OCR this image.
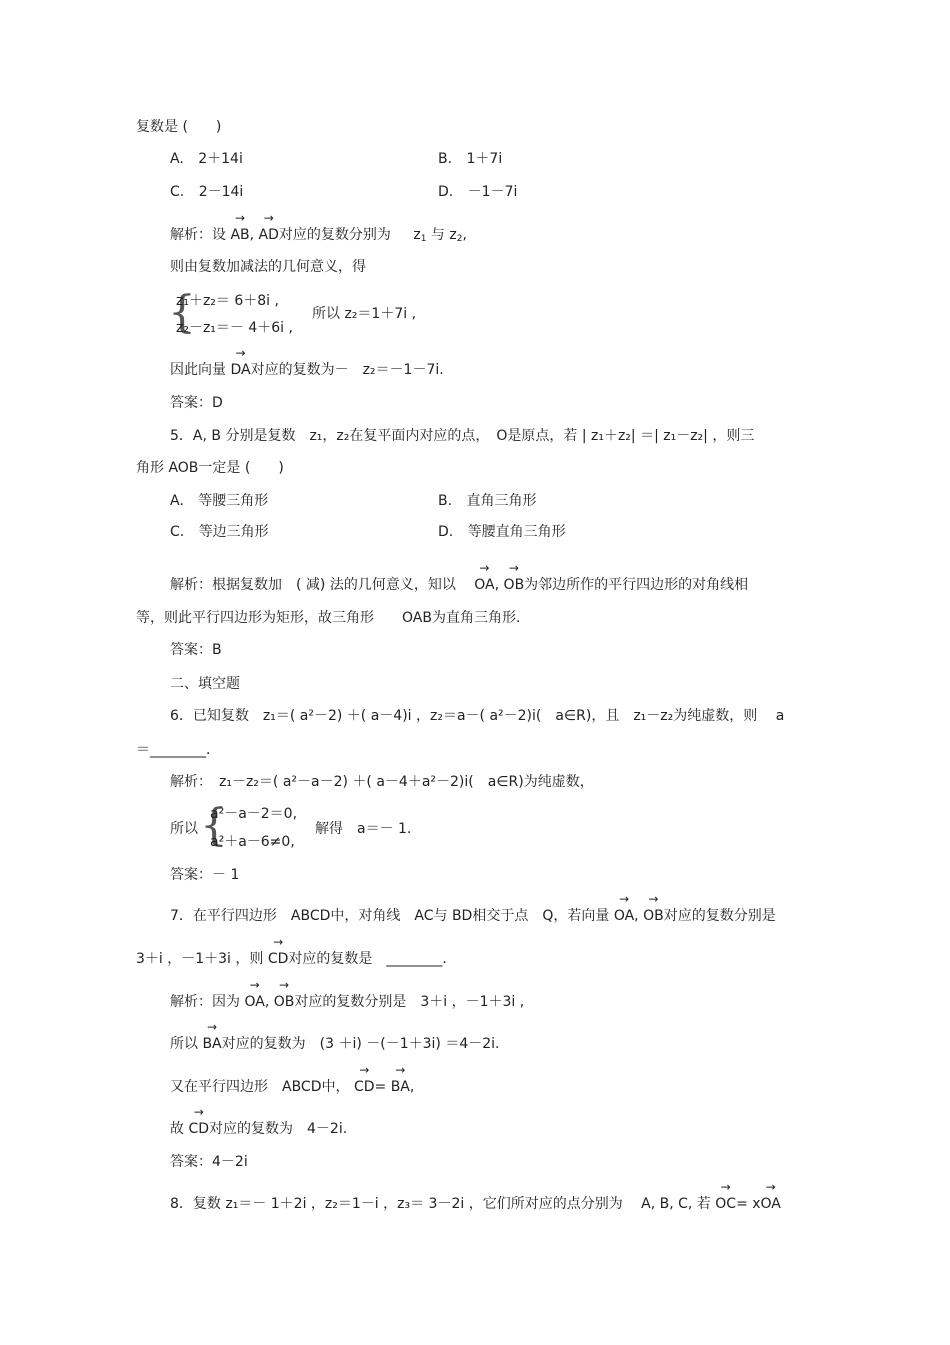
复数是 (　　)
A. 2＋14i	B. 1＋7i
C. 2－14i	D. －1－7i
解析：设 → AB, → AD对应的复数分别为 $z_1$ 与 $z_2$,
则由复数加减法的几何意义，得
{
z₁＋z₂＝ 6＋8i ,
z₂－z₁＝－ 4＋6i ,
所以 z₂＝1＋7i ,
因此向量 → DA对应的复数为－　z₂＝－1－7i.
答案：D
5．A, B 分别是复数　z₁，z₂在复平面内对应的点，　O是原点，若 | z₁＋z₂| ＝| z₁－z₂| ，则三
角形 AOB一定是 (　　)
A. 等腰三角形	B. 直角三角形
C. 等边三角形	D. 等腰直角三角形
解析：根据复数加　( 减) 法的几何意义，知以 → OA, → OB为邻边所作的平行四边形的对角线相
等，则此平行四边形为矩形，故三角形　　OAB为直角三角形.
答案：B
二、填空题
6．已知复数　z₁＝( a²－2) ＋( a－4)i ，z₂＝a－( a²－2)i(　a∈R)，且　z₁－z₂为纯虚数，则　 a
＝________．
解析：　z₁－z₂＝( a²－a－2) ＋( a－4＋a²－2)i(　a∈R)为纯虚数，
所以 {
a²－a－2＝0,
a²＋a－6≠0,
解得　a＝－ 1.
答案：－ 1
7．在平行四边形　ABCD中，对角线　AC与 BD相交于点　Q，若向量 → OA, → OB对应的复数分别是
3＋i ，－1＋3i ，则 → CD对应的复数是　________．
解析：因为 → OA, → OB对应的复数分别是　3＋i ，－1＋3i ,
所以 → BA对应的复数为　(3 ＋i) －(－1＋3i) ＝4－2i.
又在平行四边形　ABCD中， → CD= → BA,
故 → CD对应的复数为　4－2i.
答案：4－2i
8．复数 z₁＝－ 1＋2i ，z₂＝1－i ，z₃＝ 3－2i ，它们所对应的点分别为　 A, B, C, 若 → OC= x→ OA
